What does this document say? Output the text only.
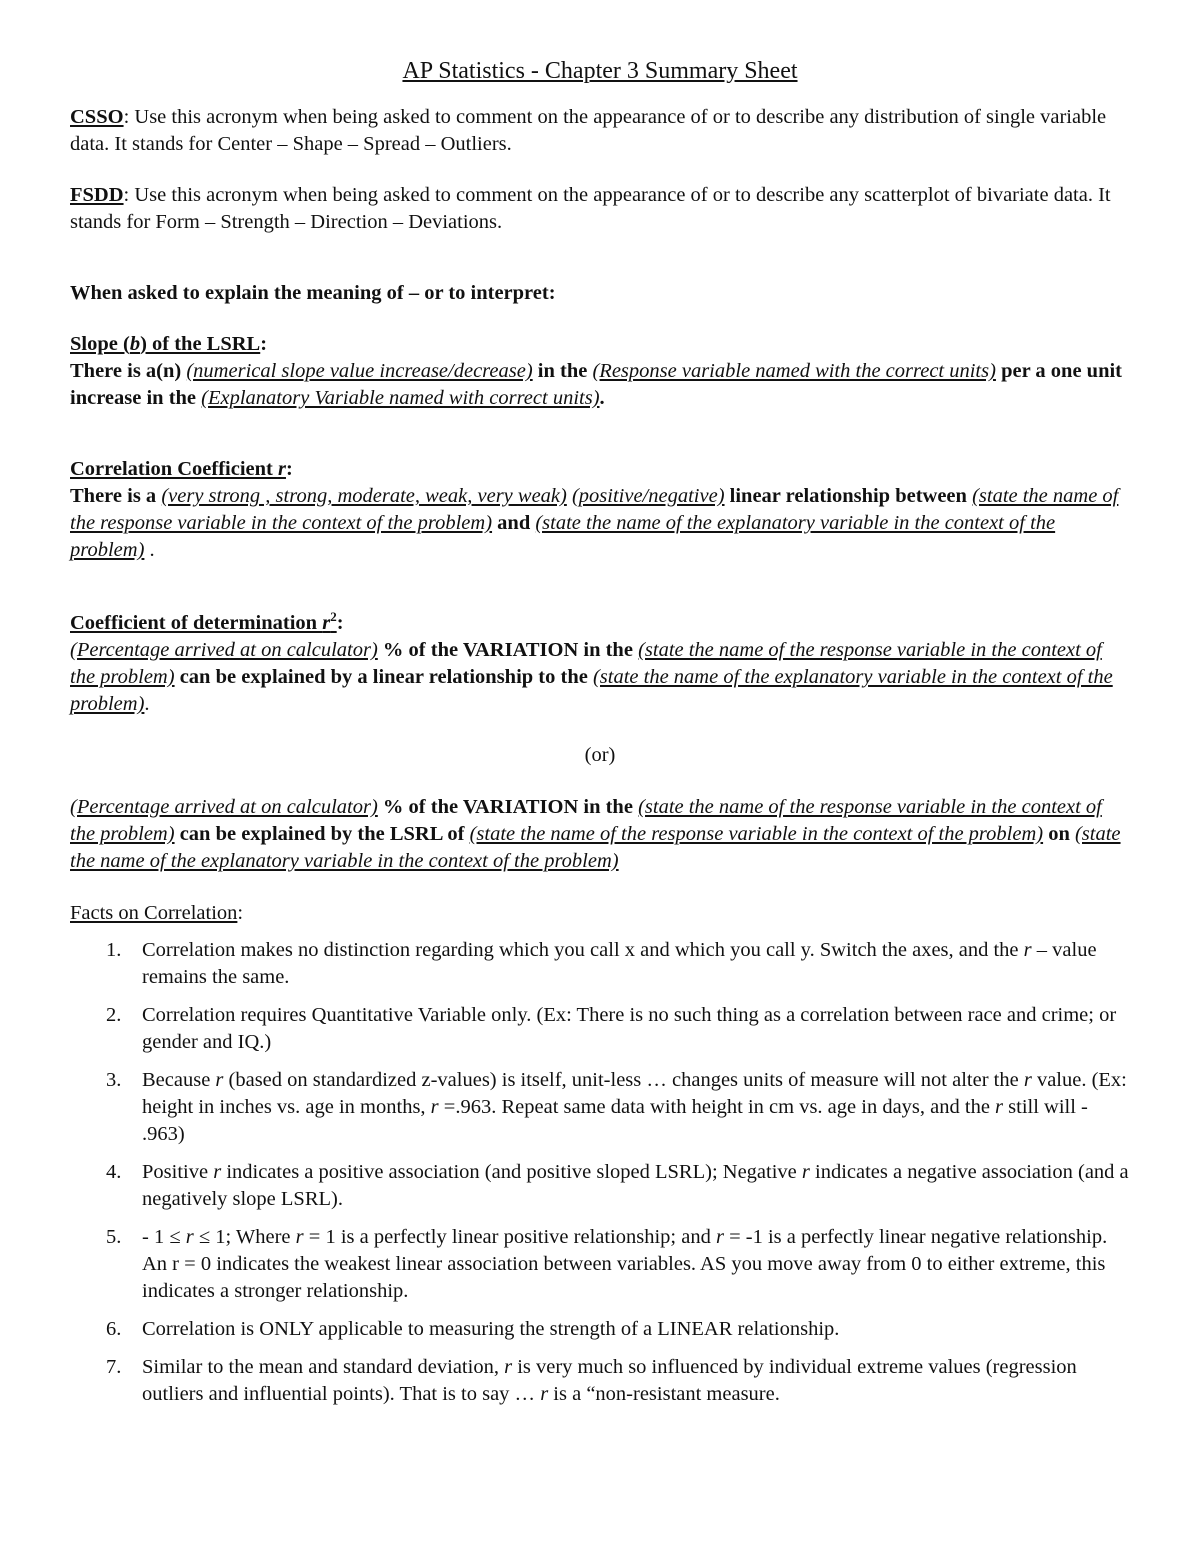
AP Statistics - Chapter 3 Summary Sheet

CSSO: Use this acronym when being asked to comment on the appearance of or to describe any distribution of single variable data. It stands for Center – Shape – Spread – Outliers.

FSDD: Use this acronym when being asked to comment on the appearance of or to describe any scatterplot of bivariate data. It stands for Form – Strength – Direction – Deviations.

When asked to explain the meaning of – or to interpret:

Slope (b) of the LSRL:

There is a(n) (numerical slope value increase/decrease) in the (Response variable named with the correct units) per a one unit increase in the (Explanatory Variable named with correct units).

Correlation Coefficient r:

There is a (very strong , strong, moderate, weak, very weak) (positive/negative) linear relationship between (state the name of the response variable in the context of the problem) and (state the name of the explanatory variable in the context of the problem) .

Coefficient of determination $r^2$:

(Percentage arrived at on calculator) % of the VARIATION in the (state the name of the response variable in the context of the problem) can be explained by a linear relationship to the (state the name of the explanatory variable in the context of the problem).

(or)

(Percentage arrived at on calculator) % of the VARIATION in the (state the name of the response variable in the context of the problem) can be explained by the LSRL of (state the name of the response variable in the context of the problem) on (state the name of the explanatory variable in the context of the problem)

Facts on Correlation:

1. Correlation makes no distinction regarding which you call x and which you call y. Switch the axes, and the r – value remains the same.
2. Correlation requires Quantitative Variable only. (Ex: There is no such thing as a correlation between race and crime; or gender and IQ.)
3. Because r (based on standardized z-values) is itself, unit-less … changes units of measure will not alter the r value. (Ex: height in inches vs. age in months, r =.963. Repeat same data with height in cm vs. age in days, and the r still will - .963)
4. Positive r indicates a positive association (and positive sloped LSRL); Negative r indicates a negative association (and a negatively slope LSRL).
5. - 1 ≤ r ≤ 1; Where r = 1 is a perfectly linear positive relationship; and r = -1 is a perfectly linear negative relationship. An r = 0 indicates the weakest linear association between variables. AS you move away from 0 to either extreme, this indicates a stronger relationship.
6. Correlation is ONLY applicable to measuring the strength of a LINEAR relationship.
7. Similar to the mean and standard deviation, r is very much so influenced by individual extreme values (regression outliers and influential points). That is to say … r is a “non-resistant measure.
